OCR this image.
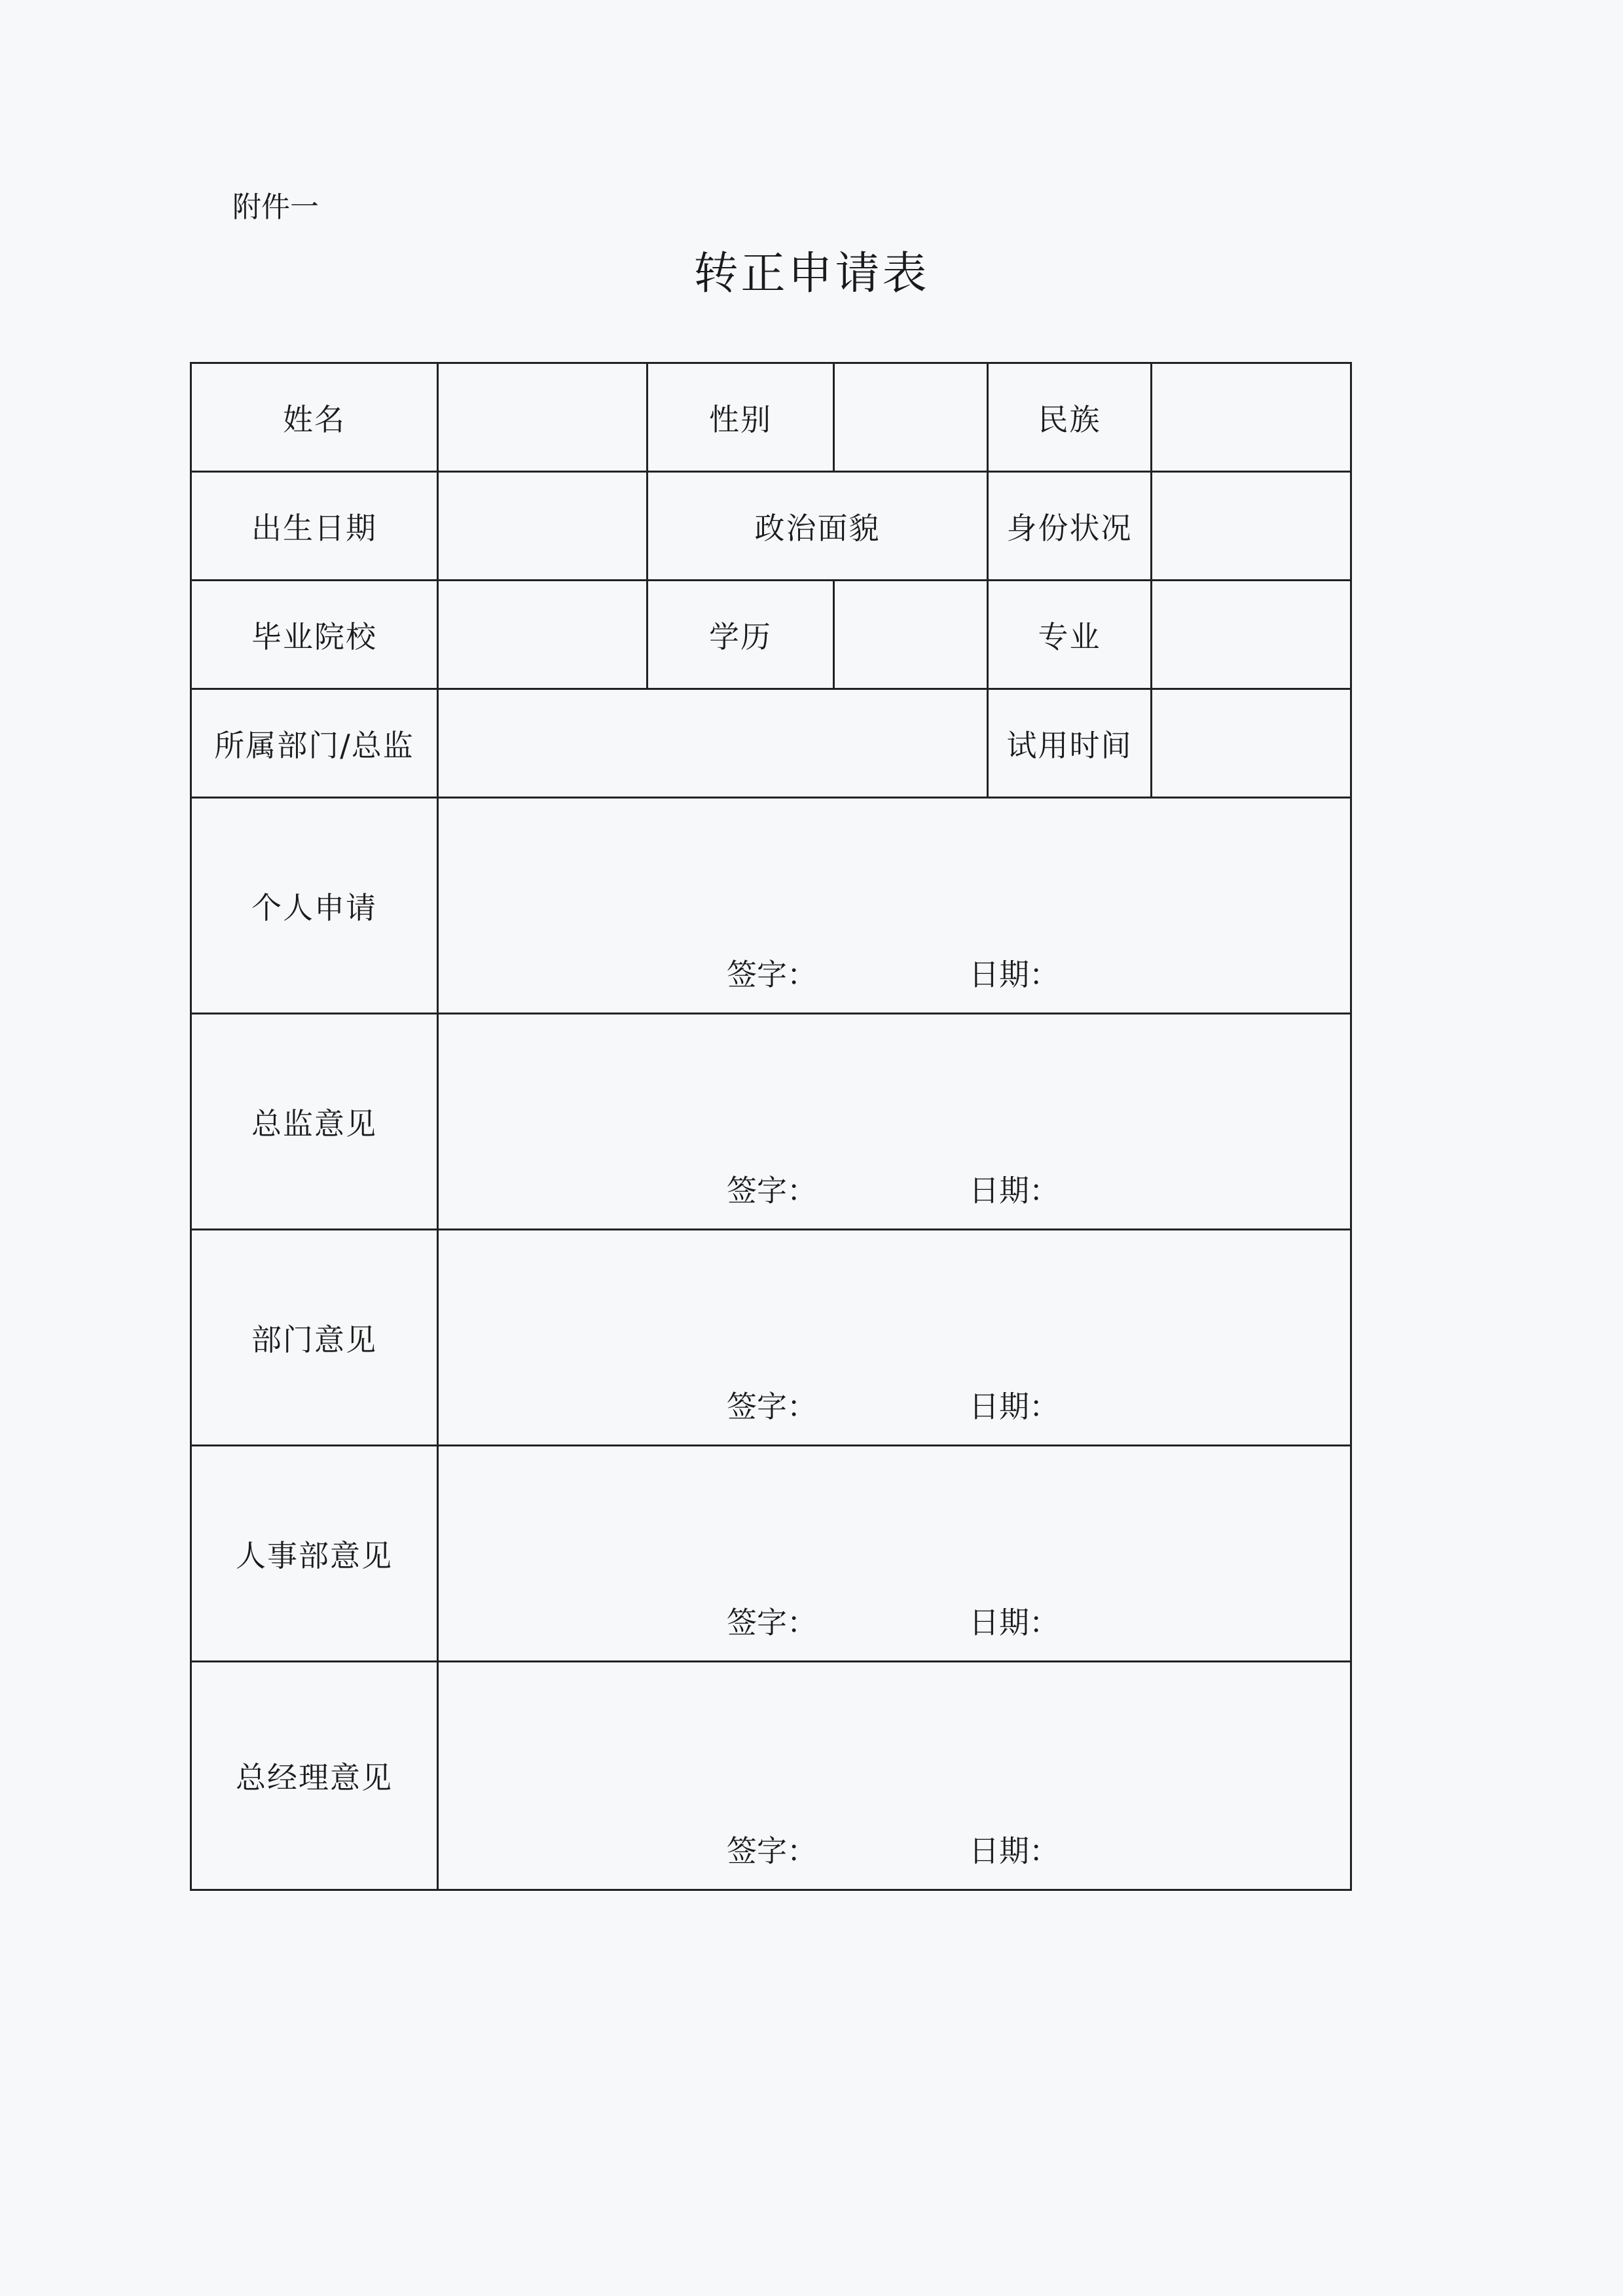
附件一
转正申请表
姓名		性别		民族	
出生日期		政治面貌		身份状况	
毕业院校		学历		专业	
所属部门/总监				试用时间	
个人申请	签字： 日期：				

总监意见	签字： 日期：				

部门意见	签字： 日期：				

人事部意见	签字： 日期：				

总经理意见	签字： 日期：				
